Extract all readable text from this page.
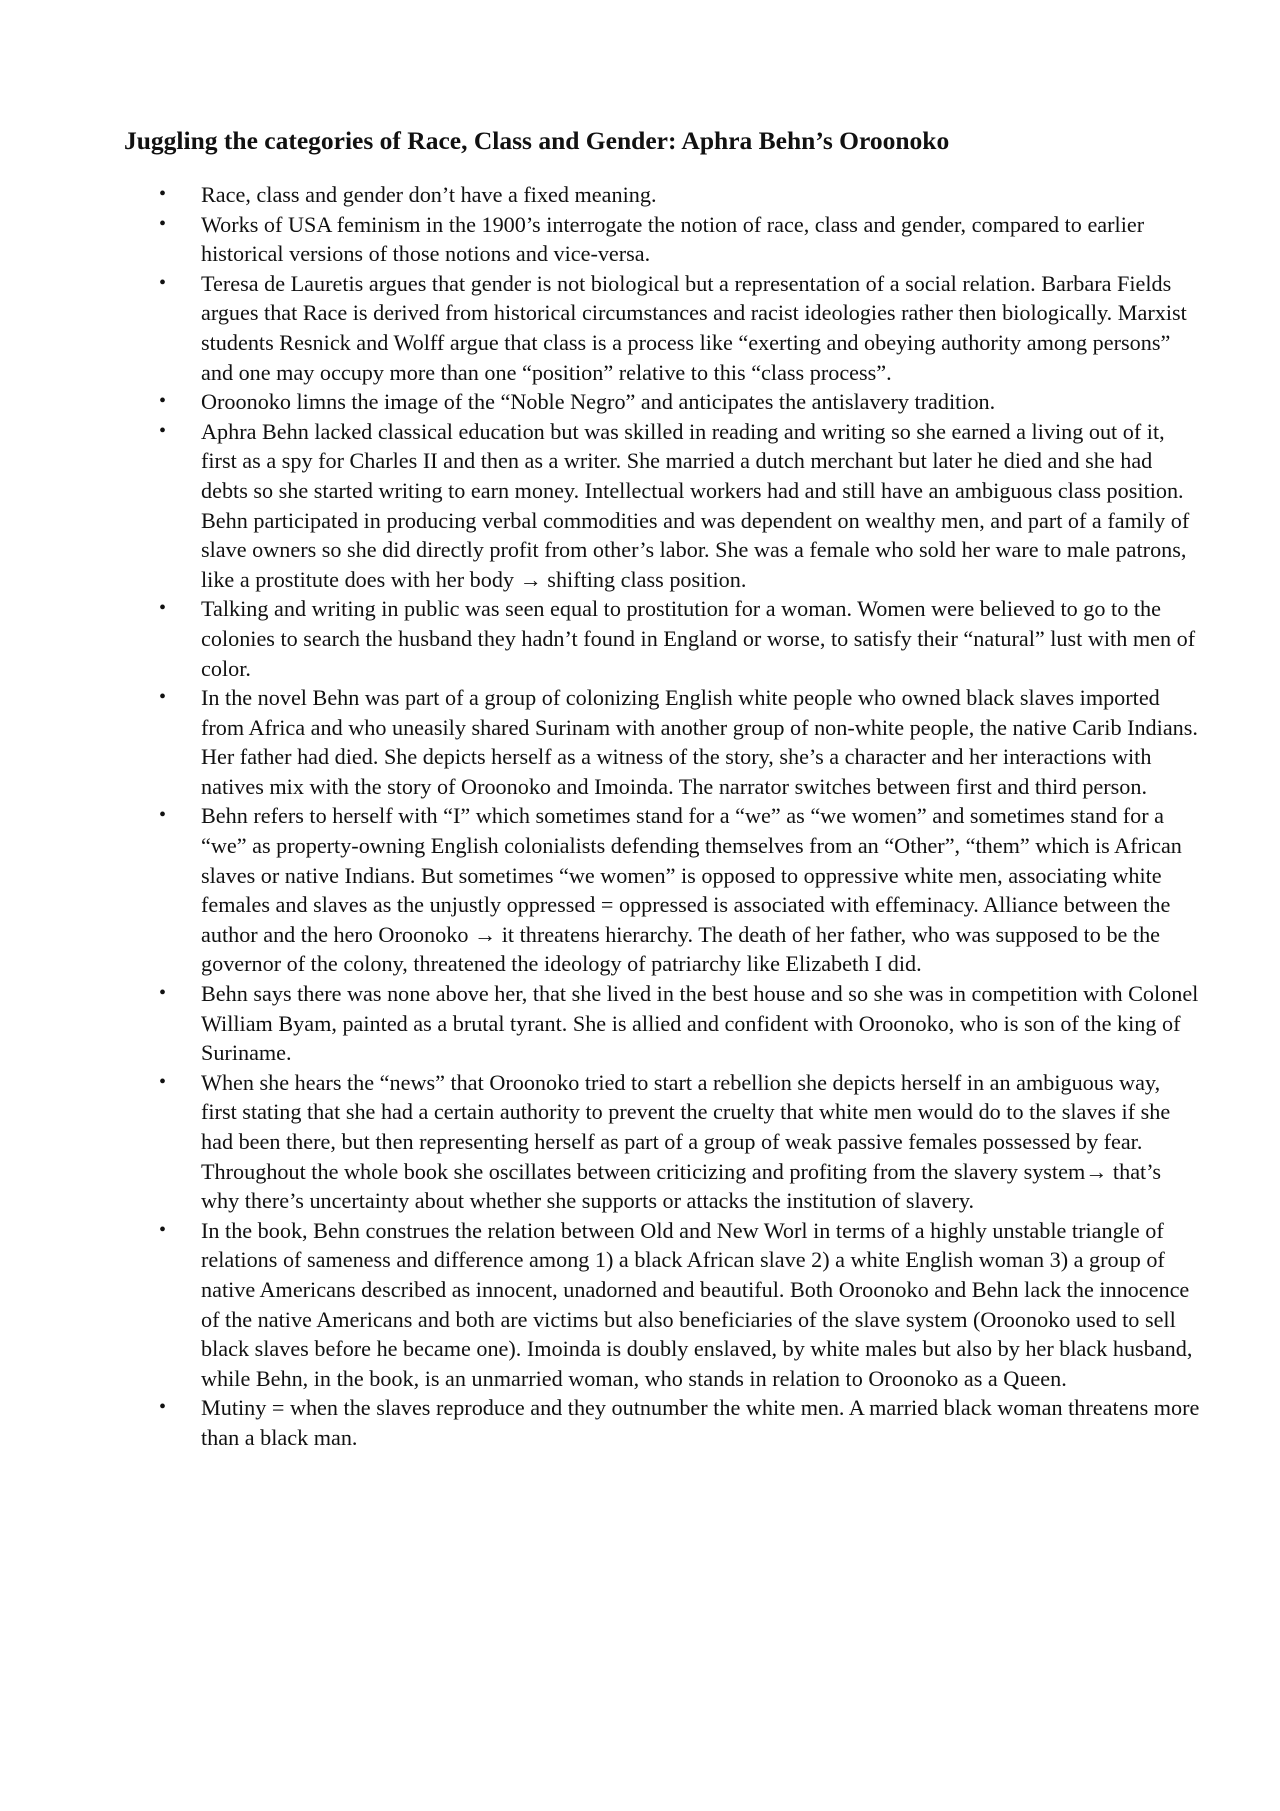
Juggling the categories of Race, Class and Gender: Aphra Behn’s Oroonoko
• Race, class and gender don’t have a fixed meaning.
• Works of USA feminism in the 1900’s interrogate the notion of race, class and gender, compared to earlier historical versions of those notions and vice-versa.
• Teresa de Lauretis argues that gender is not biological but a representation of a social relation. Barbara Fields argues that Race is derived from historical circumstances and racist ideologies rather then biologically. Marxist students Resnick and Wolff argue that class is a process like “exerting and obeying authority among persons” and one may occupy more than one “position” relative to this “class process”.
• Oroonoko limns the image of the “Noble Negro” and anticipates the antislavery tradition.
• Aphra Behn lacked classical education but was skilled in reading and writing so she earned a living out of it, first as a spy for Charles II and then as a writer. She married a dutch merchant but later he died and she had debts so she started writing to earn money. Intellectual workers had and still have an ambiguous class position. Behn participated in producing verbal commodities and was dependent on wealthy men, and part of a family of slave owners so she did directly profit from other’s labor. She was a female who sold her ware to male patrons, like a prostitute does with her body → shifting class position.
• Talking and writing in public was seen equal to prostitution for a woman. Women were believed to go to the colonies to search the husband they hadn’t found in England or worse, to satisfy their “natural” lust with men of color.
• In the novel Behn was part of a group of colonizing English white people who owned black slaves imported from Africa and who uneasily shared Surinam with another group of non-white people, the native Carib Indians. Her father had died. She depicts herself as a witness of the story, she’s a character and her interactions with natives mix with the story of Oroonoko and Imoinda. The narrator switches between first and third person.
• Behn refers to herself with “I” which sometimes stand for a “we” as “we women” and sometimes stand for a “we” as property-owning English colonialists defending themselves from an “Other”, “them” which is African slaves or native Indians. But sometimes “we women” is opposed to oppressive white men, associating white females and slaves as the unjustly oppressed = oppressed is associated with effeminacy. Alliance between the author and the hero Oroonoko → it threatens hierarchy. The death of her father, who was supposed to be the governor of the colony, threatened the ideology of patriarchy like Elizabeth I did.
• Behn says there was none above her, that she lived in the best house and so she was in competition with Colonel William Byam, painted as a brutal tyrant. She is allied and confident with Oroonoko, who is son of the king of Suriname.
• When she hears the “news” that Oroonoko tried to start a rebellion she depicts herself in an ambiguous way, first stating that she had a certain authority to prevent the cruelty that white men would do to the slaves if she had been there, but then representing herself as part of a group of weak passive females possessed by fear. Throughout the whole book she oscillates between criticizing and profiting from the slavery system→ that’s why there’s uncertainty about whether she supports or attacks the institution of slavery.
• In the book, Behn construes the relation between Old and New Worl in terms of a highly unstable triangle of relations of sameness and difference among 1) a black African slave 2) a white English woman 3) a group of native Americans described as innocent, unadorned and beautiful. Both Oroonoko and Behn lack the innocence of the native Americans and both are victims but also beneficiaries of the slave system (Oroonoko used to sell black slaves before he became one). Imoinda is doubly enslaved, by white males but also by her black husband, while Behn, in the book, is an unmarried woman, who stands in relation to Oroonoko as a Queen.
• Mutiny = when the slaves reproduce and they outnumber the white men. A married black woman threatens more than a black man.
